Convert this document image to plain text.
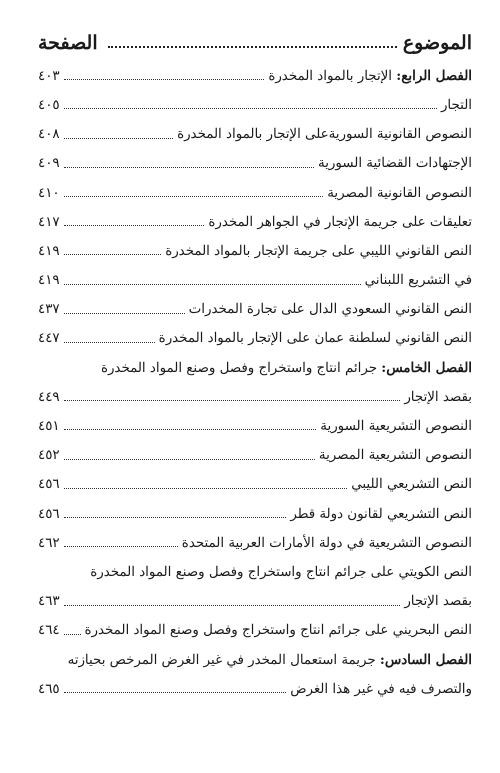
الموضوع
الصفحة
الفصل الرابع: الإتجار بالمواد المخدرة
٤٠٣
التجار
٤٠٥
النصوص القانونية السوريةعلى الإتجار بالمواد المخدرة
٤٠٨
الإجتهادات القضائية السورية
٤٠٩
النصوص القانونية المصرية
٤١٠
تعليقات على جريمة الإتجار في الجواهر المخدرة
٤١٧
النص القانوني الليبي على جريمة الإتجار بالمواد المخدرة
٤١٩
في التشريع اللبناني
٤١٩
النص القانوني السعودي الدال على تجارة المخدرات
٤٣٧
النص القانوني لسلطنة عمان على الإتجار بالمواد المخدرة
٤٤٧
الفصل الخامس: جرائم انتاج واستخراج وفصل وصنع المواد المخدرة
بقصد الإتجار
٤٤٩
النصوص التشريعية السورية
٤٥١
النصوص التشريعية المصرية
٤٥٢
النص التشريعي الليبي
٤٥٦
النص التشريعي لقانون دولة قطر
٤٥٦
النصوص التشريعية في دولة الأمارات العربية المتحدة
٤٦٢
النص الكويتي على جرائم انتاج واستخراج وفصل وصنع المواد المخدرة
بقصد الإتجار
٤٦٣
النص البحريني على جرائم انتاج واستخراج وفصل وصنع المواد المخدرة
٤٦٤
الفصل السادس: جريمة استعمال المخدر في غير الغرض المرخص بحيازته
والتصرف فيه في غير هذا الغرض
٤٦٥
